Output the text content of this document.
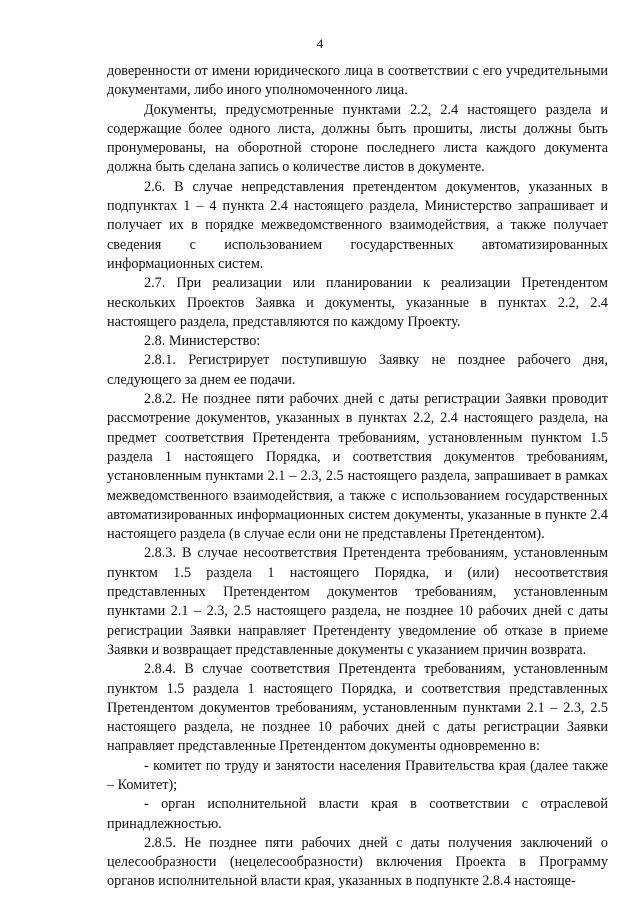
4

доверенности от имени юридического лица в соответствии с его учредительными документами, либо иного уполномоченного лица.

Документы, предусмотренные пунктами 2.2, 2.4 настоящего раздела и содержащие более одного листа, должны быть прошиты, листы должны быть пронумерованы, на оборотной стороне последнего листа каждого документа должна быть сделана запись о количестве листов в документе.

2.6. В случае непредставления претендентом документов, указанных в подпунктах 1 – 4 пункта 2.4 настоящего раздела, Министерство запрашивает и получает их в порядке межведомственного взаимодействия, а также получает сведения с использованием государственных автоматизированных информационных систем.

2.7. При реализации или планировании к реализации Претендентом нескольких Проектов Заявка и документы, указанные в пунктах 2.2, 2.4 настоящего раздела, представляются по каждому Проекту.

2.8. Министерство:

2.8.1. Регистрирует поступившую Заявку не позднее рабочего дня, следующего за днем ее подачи.

2.8.2. Не позднее пяти рабочих дней с даты регистрации Заявки проводит рассмотрение документов, указанных в пунктах 2.2, 2.4 настоящего раздела, на предмет соответствия Претендента требованиям, установленным пунктом 1.5 раздела 1 настоящего Порядка, и соответствия документов требованиям, установленным пунктами 2.1 – 2.3, 2.5 настоящего раздела, запрашивает в рамках межведомственного взаимодействия, а также с использованием государственных автоматизированных информационных систем документы, указанные в пункте 2.4 настоящего раздела (в случае если они не представлены Претендентом).

2.8.3. В случае несоответствия Претендента требованиям, установленным пунктом 1.5 раздела 1 настоящего Порядка, и (или) несоответствия представленных Претендентом документов требованиям, установленным пунктами 2.1 – 2.3, 2.5 настоящего раздела, не позднее 10 рабочих дней с даты регистрации Заявки направляет Претенденту уведомление об отказе в приеме Заявки и возвращает представленные документы с указанием причин возврата.

2.8.4. В случае соответствия Претендента требованиям, установленным пунктом 1.5 раздела 1 настоящего Порядка, и соответствия представленных Претендентом документов требованиям, установленным пунктами 2.1 – 2.3, 2.5 настоящего раздела, не позднее 10 рабочих дней с даты регистрации Заявки направляет представленные Претендентом документы одновременно в:

- комитет по труду и занятости населения Правительства края (далее также – Комитет);

- орган исполнительной власти края в соответствии с отраслевой принадлежностью.

2.8.5. Не позднее пяти рабочих дней с даты получения заключений о целесообразности (нецелесообразности) включения Проекта в Программу органов исполнительной власти края, указанных в подпункте 2.8.4 настояще-
